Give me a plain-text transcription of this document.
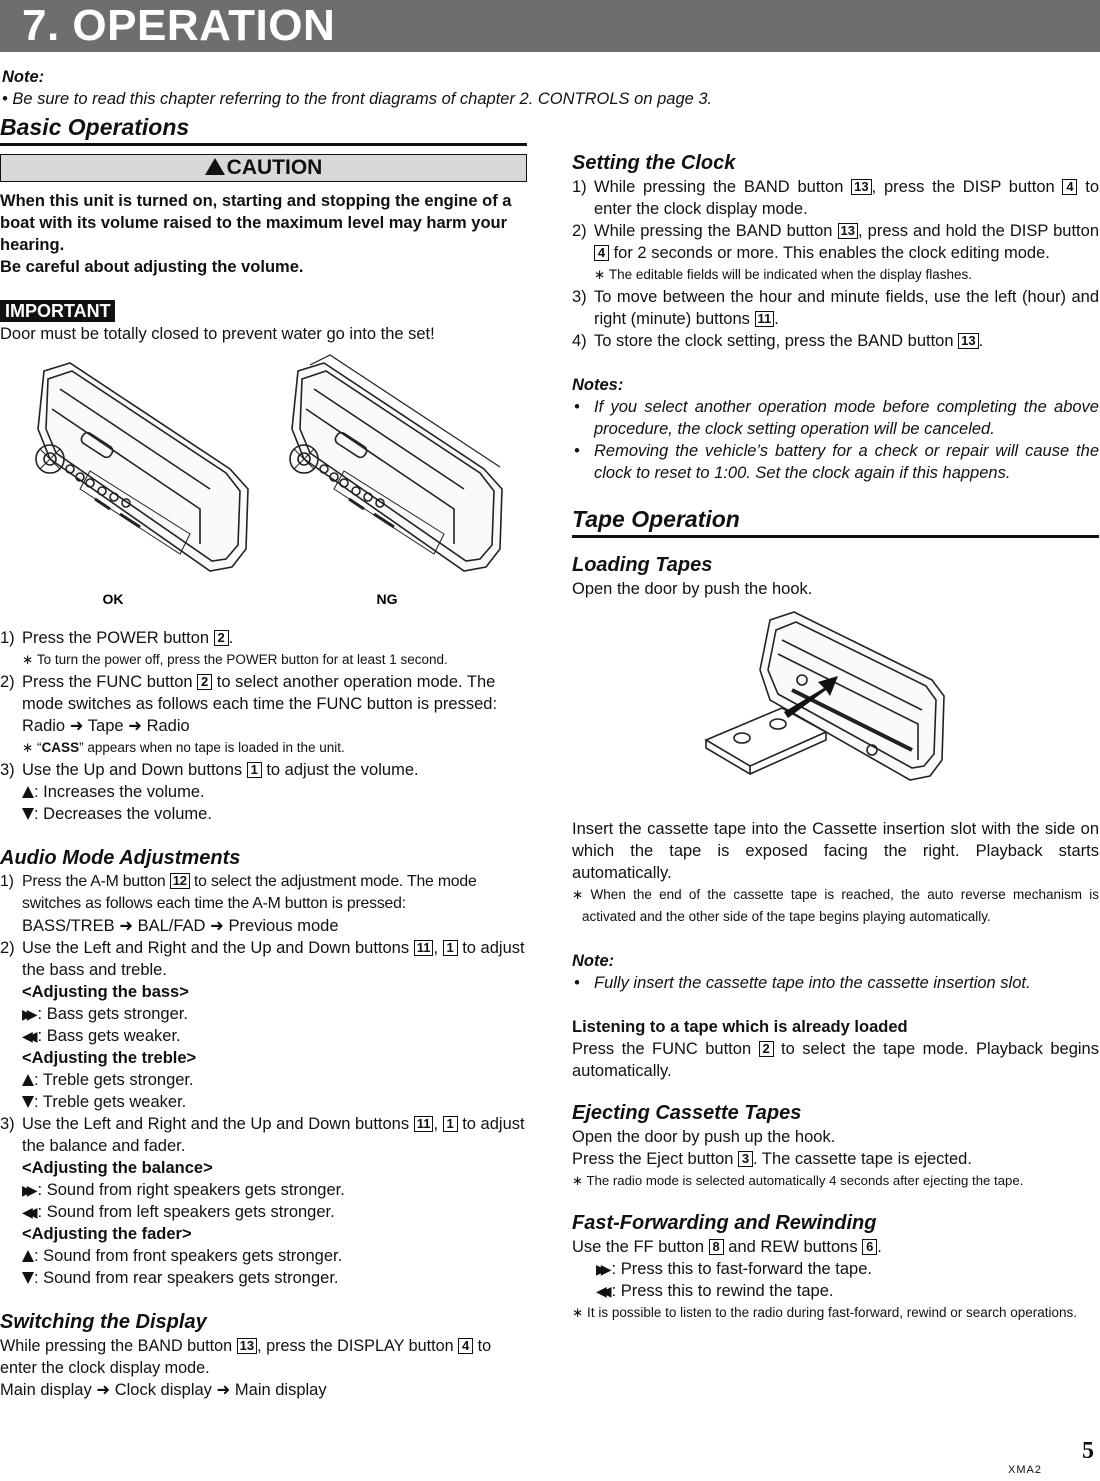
7. OPERATION
Note:
• Be sure to read this chapter referring to the front diagrams of chapter 2. CONTROLS on page 3.
Basic Operations
CAUTION

When this unit is turned on, starting and stopping the engine of a boat with its volume raised to the maximum level may harm your hearing.

Be careful about adjusting the volume.

IMPORTANT

Door must be totally closed to prevent water go into the set!

OK	NG
1) Press the POWER button 2 .
∗ To turn the power off, press the POWER button for at least 1 second.
2) Press the FUNC button 2 to select another operation mode. The mode switches as follows each time the FUNC button is pressed:
Radio ➜ Tape ➜ Radio
∗ “CASS” appears when no tape is loaded in the unit.
3) Use the Up and Down buttons 1 to adjust the volume.
: Increases the volume.
: Decreases the volume.
Audio Mode Adjustments
1) Press the A-M button 12 to select the adjustment mode. The mode switches as follows each time the A-M button is pressed:
BASS/TREB ➜ BAL/FAD ➜ Previous mode
2) Use the Left and Right and the Up and Down buttons 11 , 1 to adjust the bass and treble.
<Adjusting the bass>
▶▶ : Bass gets stronger.
◀◀ : Bass gets weaker.
<Adjusting the treble>
: Treble gets stronger.
: Treble gets weaker.
3) Use the Left and Right and the Up and Down buttons 11 , 1 to adjust the balance and fader.
<Adjusting the balance>
▶▶ : Sound from right speakers gets stronger.
◀◀ : Sound from left speakers gets stronger.
<Adjusting the fader>
: Sound from front speakers gets stronger.
: Sound from rear speakers gets stronger.
Switching the Display

While pressing the BAND button 13 , press the DISPLAY button 4 to enter the clock display mode.

Main display ➜ Clock display ➜ Main display

Setting the Clock
1) While pressing the BAND button 13 , press the DISP button 4 to enter the clock display mode.
2) While pressing the BAND button 13 , press and hold the DISP button 4 for 2 seconds or more. This enables the clock editing mode.
∗ The editable fields will be indicated when the display flashes.
3) To move between the hour and minute fields, use the left (hour) and right (minute) buttons 11 .
4) To store the clock setting, press the BAND button 13 .
Notes:
• If you select another operation mode before completing the above procedure, the clock setting operation will be canceled.
• Removing the vehicle’s battery for a check or repair will cause the clock to reset to 1:00. Set the clock again if this happens.
Tape Operation
Loading Tapes

Open the door by push the hook.

Insert the cassette tape into the Cassette insertion slot with the side on which the tape is exposed facing the right. Playback starts automatically.

∗ When the end of the cassette tape is reached, the auto reverse mechanism is activated and the other side of the tape begins playing automatically.

Note:
• Fully insert the cassette tape into the cassette insertion slot.
Listening to a tape which is already loaded

Press the FUNC button 2 to select the tape mode. Playback begins automatically.

Ejecting Cassette Tapes

Open the door by push up the hook.

Press the Eject button 3 . The cassette tape is ejected.

∗ The radio mode is selected automatically 4 seconds after ejecting the tape.

Fast-Forwarding and Rewinding

Use the FF button 8 and REW buttons 6 .

▶▶ : Press this to fast-forward the tape.
◀◀ : Press this to rewind the tape.

∗ It is possible to listen to the radio during fast-forward, rewind or search operations.

XMA2
5
